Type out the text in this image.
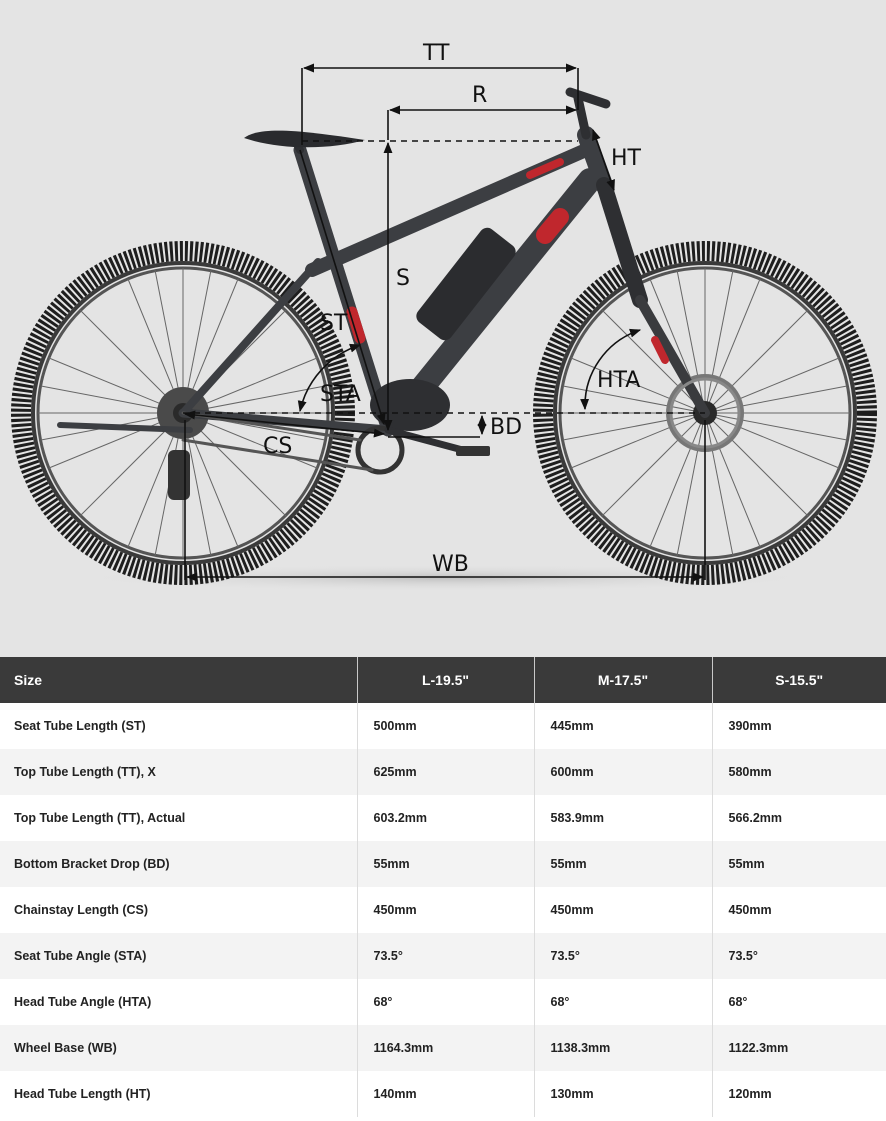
TT
R
HT
S
ST
STA
HTA
BD
CS
WB
Size	L-19.5"	M-17.5"	S-15.5"
Seat Tube Length (ST)	500mm	445mm	390mm
Top Tube Length (TT), X	625mm	600mm	580mm
Top Tube Length (TT), Actual	603.2mm	583.9mm	566.2mm
Bottom Bracket Drop (BD)	55mm	55mm	55mm
Chainstay Length (CS)	450mm	450mm	450mm
Seat Tube Angle (STA)	73.5°	73.5°	73.5°
Head Tube Angle (HTA)	68°	68°	68°
Wheel Base (WB)	1164.3mm	1138.3mm	1122.3mm
Head Tube Length (HT)	140mm	130mm	120mm
